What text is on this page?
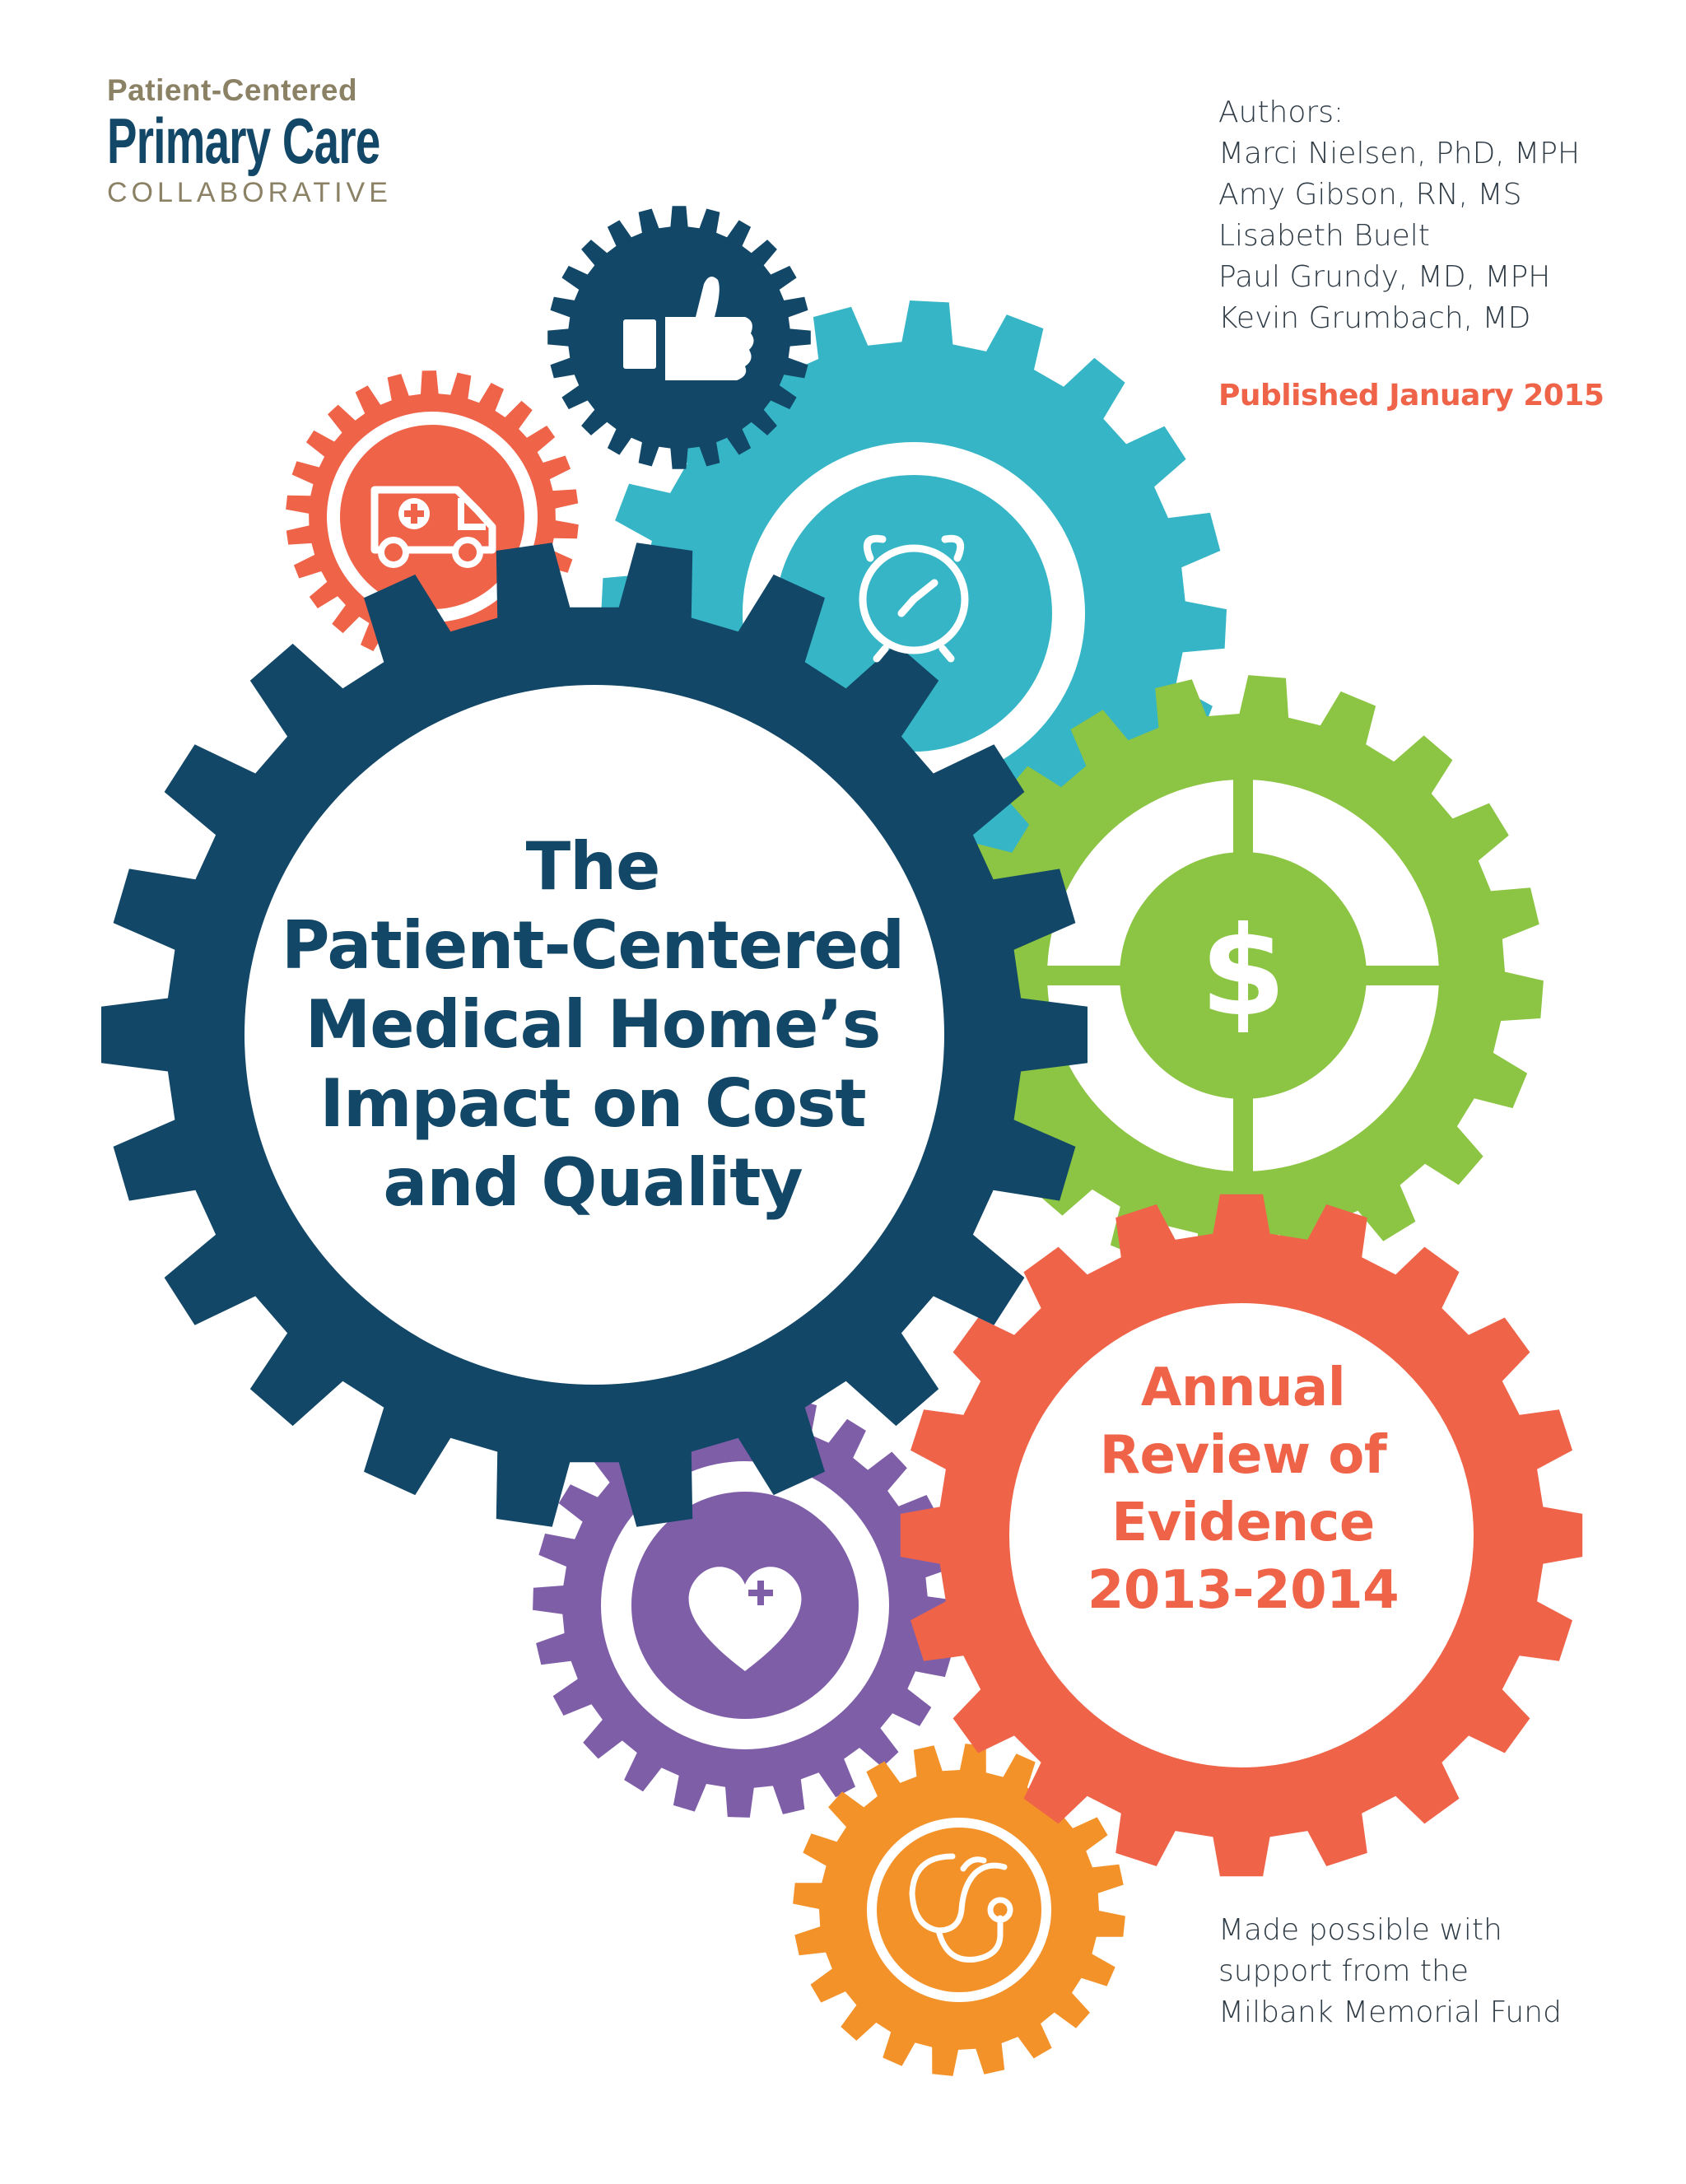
$
Patient-Centered
Primary Care
COLLABORATIVE
Authors:
Marci Nielsen, PhD, MPH
Amy Gibson, RN, MS
Lisabeth Buelt
Paul Grundy, MD, MPH
Kevin Grumbach, MD
Published January 2015
The
Patient-Centered
Medical Home’s
Impact on Cost
and Quality
Annual
Review of
Evidence
2013-2014
Made possible with
support from the
Milbank Memorial Fund
